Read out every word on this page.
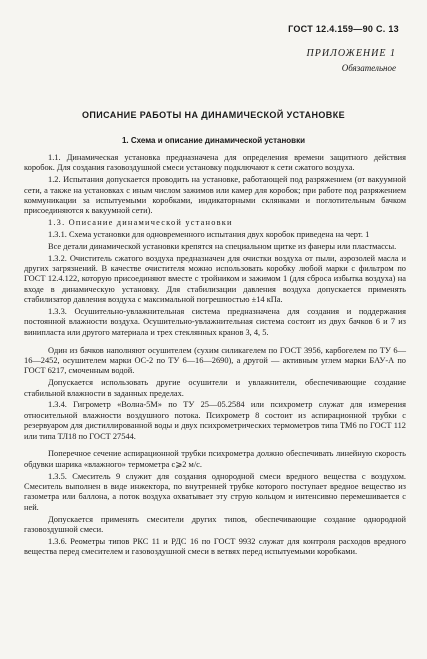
ГОСТ 12.4.159—90 С. 13
ПРИЛОЖЕНИЕ 1
Обязательное
ОПИСАНИЕ РАБОТЫ НА ДИНАМИЧЕСКОЙ УСТАНОВКЕ
1. Схема и описание динамической установки

1.1. Динамическая установка предназначена для определения времени защитного действия коробок. Для создания газовоздушной смеси установку подключают к сети сжатого воздуха.

1.2. Испытания допускается проводить на установке, работающей под разряжением (от вакуумной сети, а также на установках с иным числом зажимов или камер для коробок; при работе под разряжением коммуникации за испытуемыми коробками, индикаторными склянками и поглотительным бачком присоединяются к вакуумной сети).

1.3. Описание динамической установки

1.3.1. Схема установки для одновременного испытания двух коробок приведена на черт. 1

Все детали динамической установки крепятся на специальном щитке из фанеры или пластмассы.

1.3.2. Очиститель сжатого воздуха предназначен для очистки воздуха от пыли, аэрозолей масла и других загрязнений. В качестве очистителя можно использовать коробку любой марки с фильтром по ГОСТ 12.4.122, которую присоединяют вместе с тройником и зажимом 1 (для сброса избытка воздуха) на входе в динамическую установку. Для стабилизации давления воздуха допускается применять стабилизатор давления воздуха с максимальной погрешностью ±14 кПа.

1.3.3. Осушительно-увлажнительная система предназначена для создания и поддержания постоянной влажности воздуха. Осушительно-увлажнительная система состоит из двух бачков 6 и 7 из винипласта или другого материала и трех стеклянных кранов 3, 4, 5.

Один из бачков наполняют осушителем (сухим силикагелем по ГОСТ 3956, карбогелем по ТУ 6—16—2452, осушителем марки ОС-2 по ТУ 6—16—2690), а другой — активным углем марки БАУ-А по ГОСТ 6217, смоченным водой.

Допускается использовать другие осушители и увлажнители, обеспечивающие создание стабильной влажности в заданных пределах.

1.3.4. Гигрометр «Волна-5М» по ТУ 25—05.2584 или психрометр служат для измерения относительной влажности воздушного потока. Психрометр 8 состоит из аспирационной трубки с резервуаром для дистиллированной воды и двух психрометрических термометров типа ТМ6 по ГОСТ 112 или типа ТЛ18 по ГОСТ 27544.

Поперечное сечение аспирационной трубки психрометра должно обеспечивать линейную скорость обдувки шарика «влажного» термометра с⩾2 м/с.

1.3.5. Смеситель 9 служит для создания однородной смеси вредного вещества с воздухом. Смеситель выполнен в виде инжектора, по внутренней трубке которого поступает вредное вещество из газометра или баллона, а поток воздуха охватывает эту струю кольцом и интенсивно перемешивается с ней.

Допускается применять смесители других типов, обеспечивающие создание однородной газовоздушной смеси.

1.3.6. Реометры типов РКС 11 и РДС 16 по ГОСТ 9932 служат для контроля расходов вредного вещества перед смесителем и газовоздушной смеси в ветвях перед испытуемыми коробками.
